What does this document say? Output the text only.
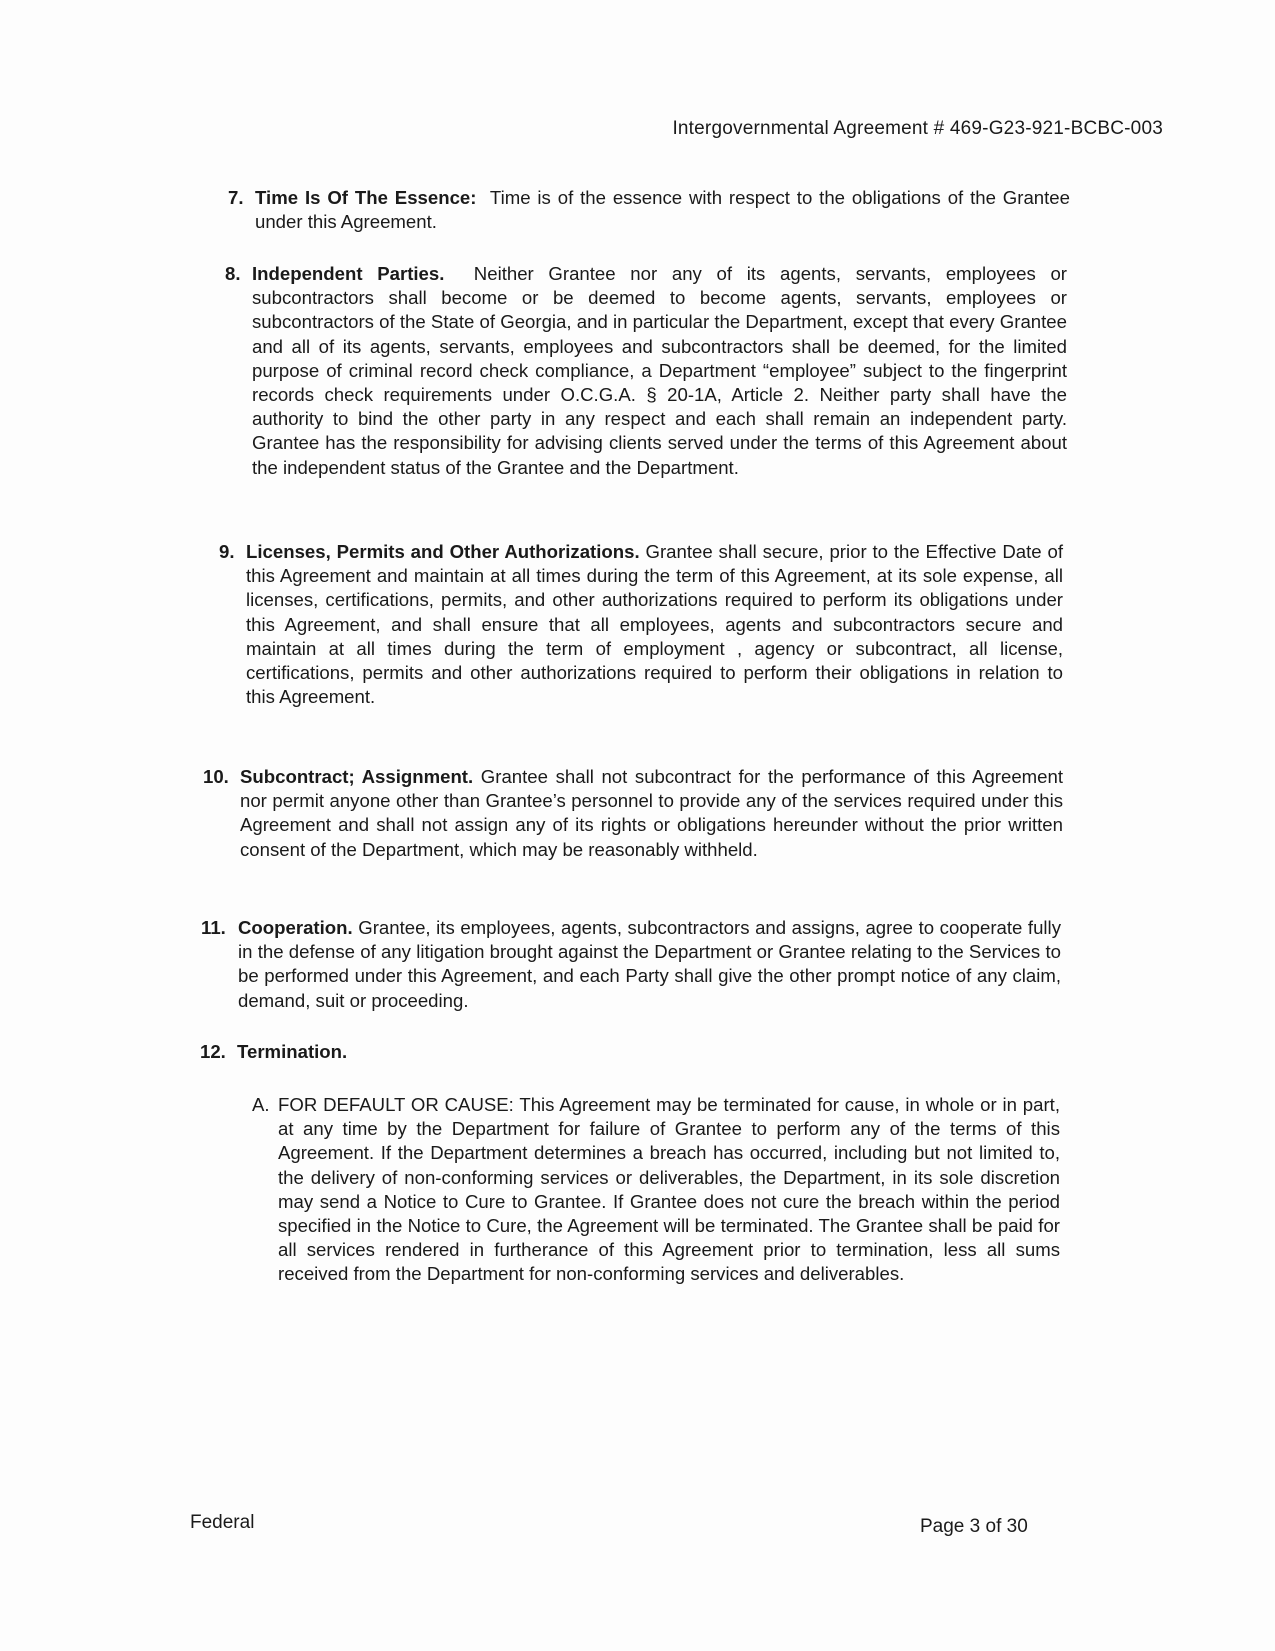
Intergovernmental Agreement # 469-G23-921-BCBC-003
7. Time Is Of The Essence: Time is of the essence with respect to the obligations of the Grantee under this Agreement.
8. Independent Parties. Neither Grantee nor any of its agents, servants, employees or subcontractors shall become or be deemed to become agents, servants, employees or subcontractors of the State of Georgia, and in particular the Department, except that every Grantee and all of its agents, servants, employees and subcontractors shall be deemed, for the limited purpose of criminal record check compliance, a Department “employee” subject to the fingerprint records check requirements under O.C.G.A. § 20-1A, Article 2. Neither party shall have the authority to bind the other party in any respect and each shall remain an independent party. Grantee has the responsibility for advising clients served under the terms of this Agreement about the independent status of the Grantee and the Department.
9. Licenses, Permits and Other Authorizations. Grantee shall secure, prior to the Effective Date of this Agreement and maintain at all times during the term of this Agreement, at its sole expense, all licenses, certifications, permits, and other authorizations required to perform its obligations under this Agreement, and shall ensure that all employees, agents and subcontractors secure and maintain at all times during the term of employment , agency or subcontract, all license, certifications, permits and other authorizations required to perform their obligations in relation to this Agreement.
10. Subcontract; Assignment. Grantee shall not subcontract for the performance of this Agreement nor permit anyone other than Grantee’s personnel to provide any of the services required under this Agreement and shall not assign any of its rights or obligations hereunder without the prior written consent of the Department, which may be reasonably withheld.
11. Cooperation. Grantee, its employees, agents, subcontractors and assigns, agree to cooperate fully in the defense of any litigation brought against the Department or Grantee relating to the Services to be performed under this Agreement, and each Party shall give the other prompt notice of any claim, demand, suit or proceeding.
12. Termination.
A. FOR DEFAULT OR CAUSE: This Agreement may be terminated for cause, in whole or in part, at any time by the Department for failure of Grantee to perform any of the terms of this Agreement. If the Department determines a breach has occurred, including but not limited to, the delivery of non-conforming services or deliverables, the Department, in its sole discretion may send a Notice to Cure to Grantee. If Grantee does not cure the breach within the period specified in the Notice to Cure, the Agreement will be terminated. The Grantee shall be paid for all services rendered in furtherance of this Agreement prior to termination, less all sums received from the Department for non-conforming services and deliverables.
Federal	Page 3 of 30
